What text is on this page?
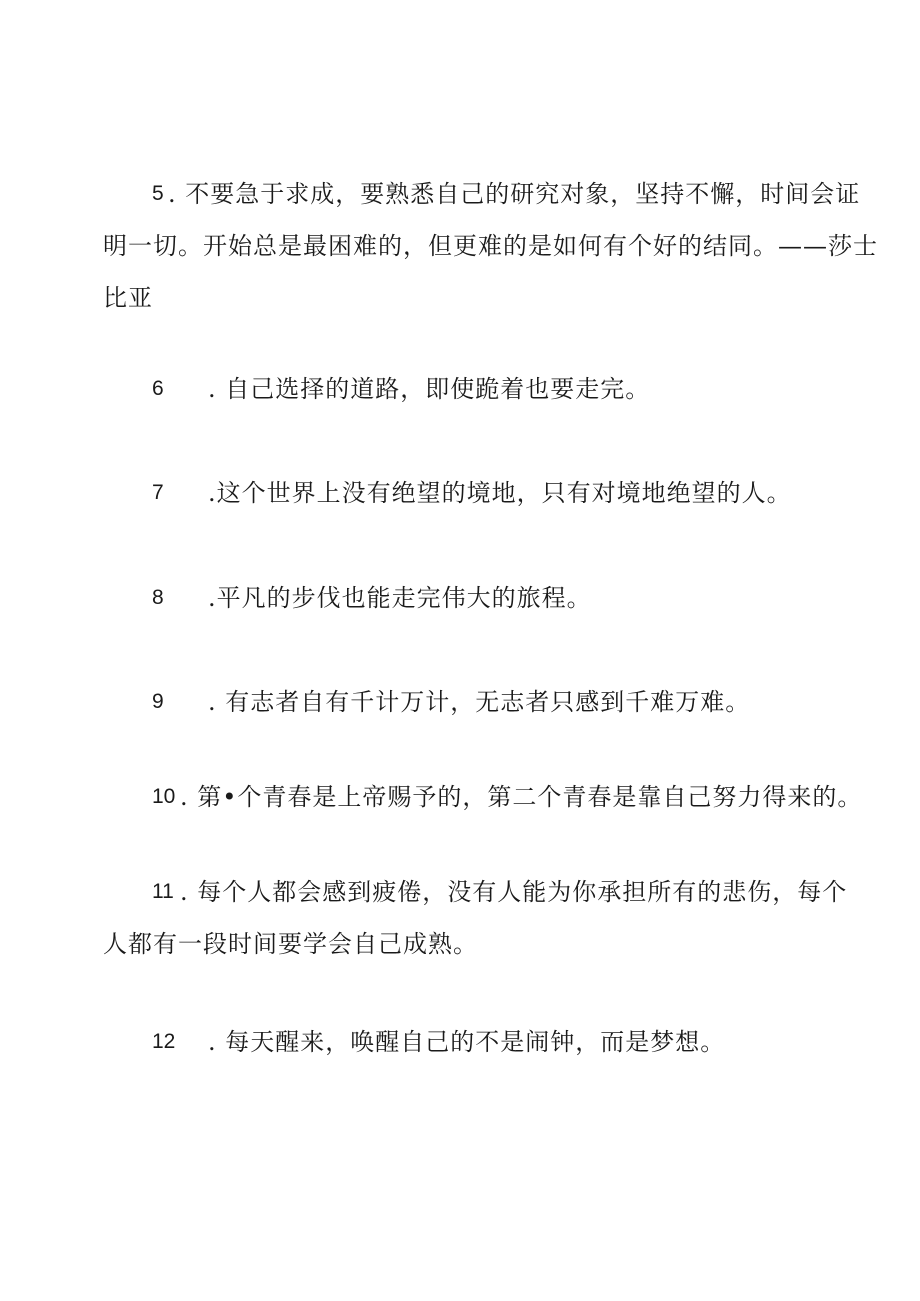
5 . 不要急于求成，要熟悉自己的研究对象，坚持不懈，时间会证
明一切。开始总是最困难的，但更难的是如何有个好的结同。——莎士
比亚
6 . 自己选择的道路，即使跪着也要走完。
7 .这个世界上没有绝望的境地，只有对境地绝望的人。
8 .平凡的步伐也能走完伟大的旅程。
9 . 有志者自有千计万计，无志者只感到千难万难。
10 . 第•个青春是上帝赐予的，第二个青春是靠自己努力得来的。
11 . 每个人都会感到疲倦，没有人能为你承担所有的悲伤，每个
人都有一段时间要学会自己成熟。
12 . 每天醒来，唤醒自己的不是闹钟，而是梦想。
